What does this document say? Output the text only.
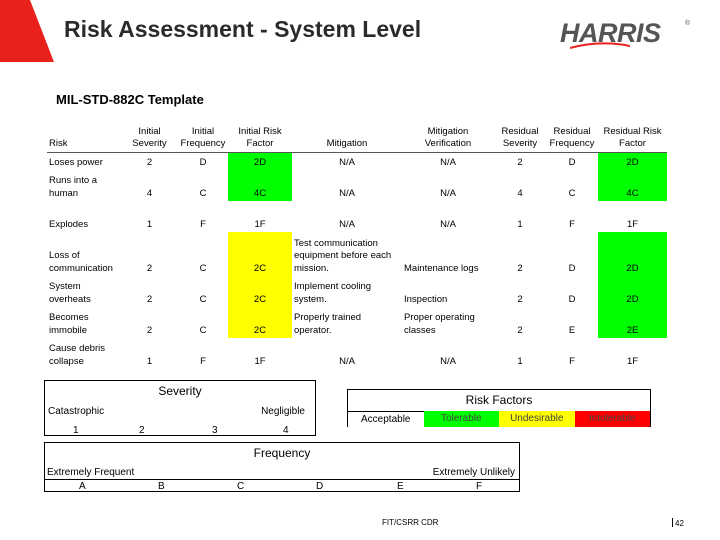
Risk Assessment - System Level	HARRIS	®
MIL-STD-882C Template
Risk	Initial Severity	Initial Frequency	Initial Risk Factor	Mitigation	Mitigation Verification	Residual Severity	Residual Frequency	Residual Risk Factor
Loses power	2	D	2D	N/A	N/A	2	D	2D
Runs into a human	4	C	4C	N/A	N/A	4	C	4C
Explodes	1	F	1F	N/A	N/A	1	F	1F
Loss of communication	2	C	2C	Test communication equipment before each mission.	Maintenance logs	2	D	2D
System overheats	2	C	2C	Implement cooling system.	Inspection	2	D	2D
Becomes immobile	2	C	2C	Properly trained operator.	Proper operating classes	2	E	2E
Cause debris collapse	1	F	1F	N/A	N/A	1	F	1F
Severity
Catastrophic	Negligible
1	2	3	4
Risk Factors
Acceptable	Tolerable	Undesirable	Intolerable
Frequency
Extremely Frequent	Extremely Unlikely
A	B	C	D	E	F
FIT/CSRR CDR	42
